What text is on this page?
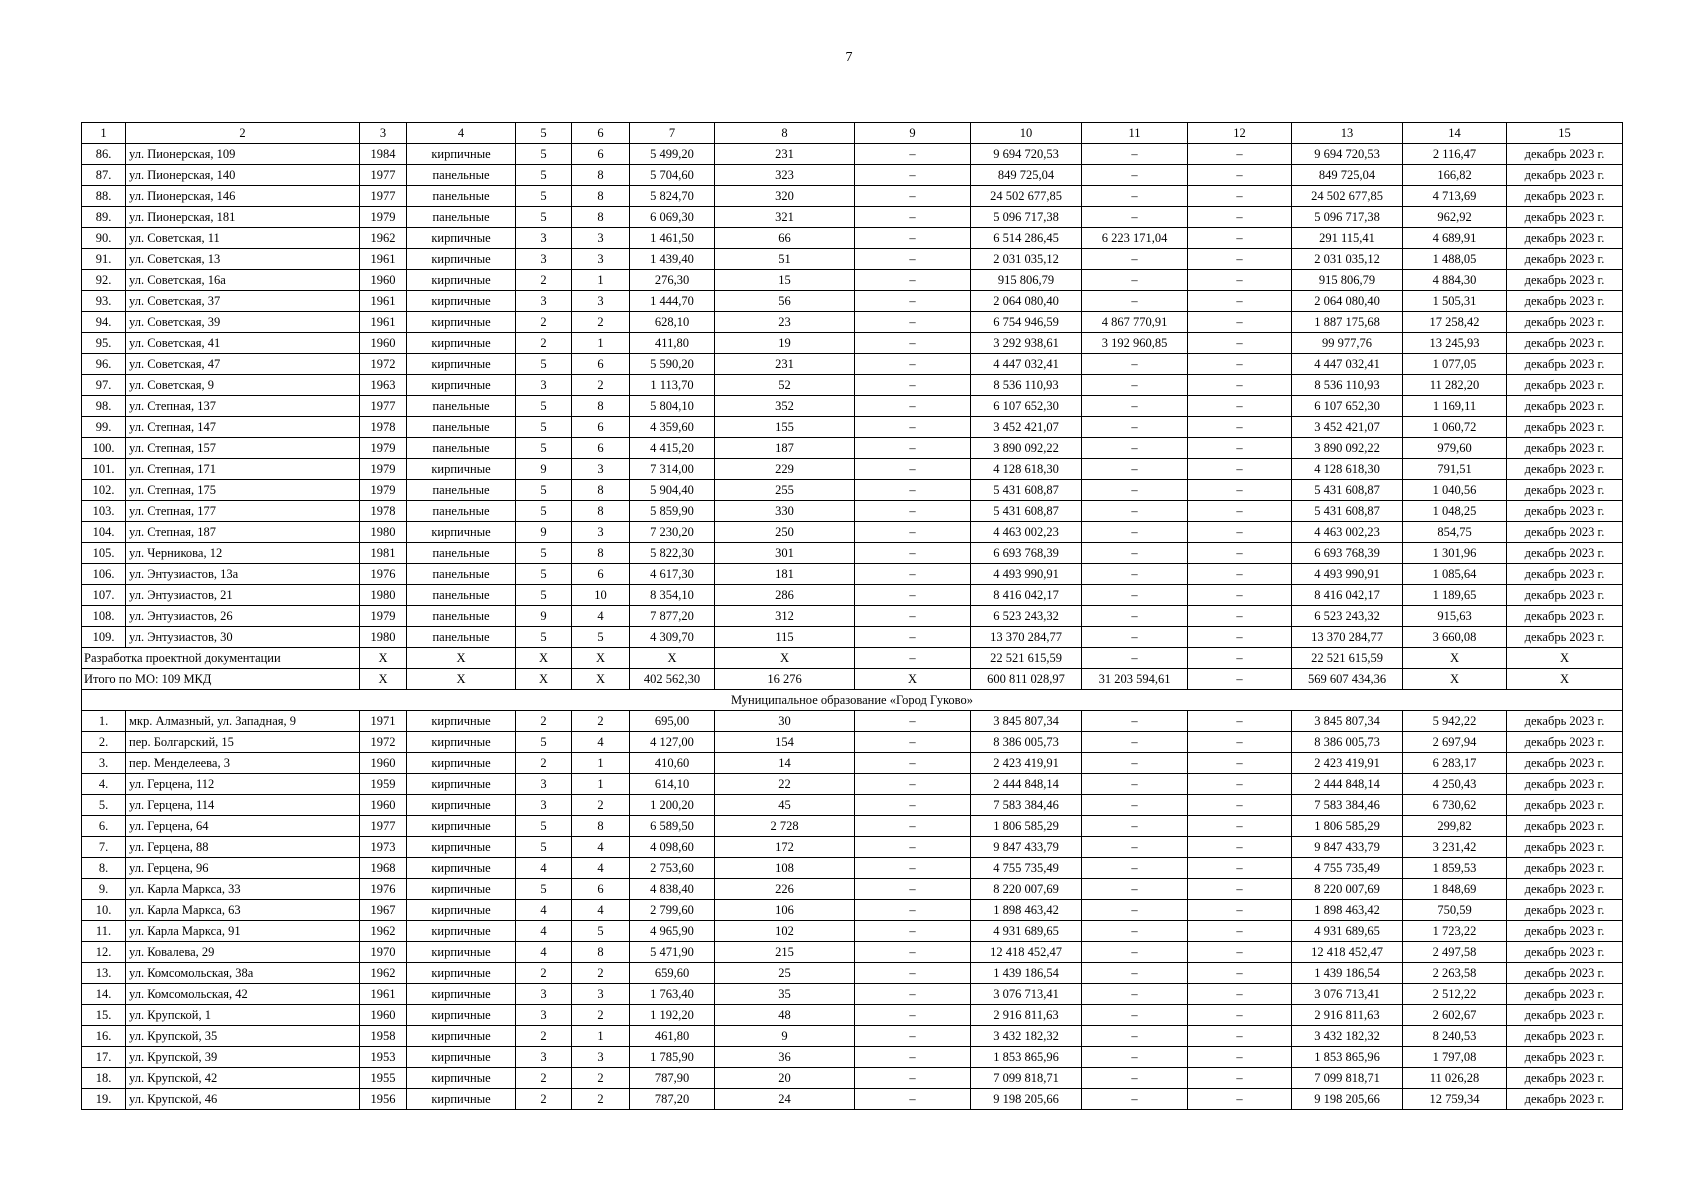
7
1	2	3	4	5	6	7	8	9	10	11	12	13	14	15
86.	ул. Пионерская, 109	1984	кирпичные	5	6	5 499,20	231	–	9 694 720,53	–	–	9 694 720,53	2 116,47	декабрь 2023 г.
87.	ул. Пионерская, 140	1977	панельные	5	8	5 704,60	323	–	849 725,04	–	–	849 725,04	166,82	декабрь 2023 г.
88.	ул. Пионерская, 146	1977	панельные	5	8	5 824,70	320	–	24 502 677,85	–	–	24 502 677,85	4 713,69	декабрь 2023 г.
89.	ул. Пионерская, 181	1979	панельные	5	8	6 069,30	321	–	5 096 717,38	–	–	5 096 717,38	962,92	декабрь 2023 г.
90.	ул. Советская, 11	1962	кирпичные	3	3	1 461,50	66	–	6 514 286,45	6 223 171,04	–	291 115,41	4 689,91	декабрь 2023 г.
91.	ул. Советская, 13	1961	кирпичные	3	3	1 439,40	51	–	2 031 035,12	–	–	2 031 035,12	1 488,05	декабрь 2023 г.
92.	ул. Советская, 16а	1960	кирпичные	2	1	276,30	15	–	915 806,79	–	–	915 806,79	4 884,30	декабрь 2023 г.
93.	ул. Советская, 37	1961	кирпичные	3	3	1 444,70	56	–	2 064 080,40	–	–	2 064 080,40	1 505,31	декабрь 2023 г.
94.	ул. Советская, 39	1961	кирпичные	2	2	628,10	23	–	6 754 946,59	4 867 770,91	–	1 887 175,68	17 258,42	декабрь 2023 г.
95.	ул. Советская, 41	1960	кирпичные	2	1	411,80	19	–	3 292 938,61	3 192 960,85	–	99 977,76	13 245,93	декабрь 2023 г.
96.	ул. Советская, 47	1972	кирпичные	5	6	5 590,20	231	–	4 447 032,41	–	–	4 447 032,41	1 077,05	декабрь 2023 г.
97.	ул. Советская, 9	1963	кирпичные	3	2	1 113,70	52	–	8 536 110,93	–	–	8 536 110,93	11 282,20	декабрь 2023 г.
98.	ул. Степная, 137	1977	панельные	5	8	5 804,10	352	–	6 107 652,30	–	–	6 107 652,30	1 169,11	декабрь 2023 г.
99.	ул. Степная, 147	1978	панельные	5	6	4 359,60	155	–	3 452 421,07	–	–	3 452 421,07	1 060,72	декабрь 2023 г.
100.	ул. Степная, 157	1979	панельные	5	6	4 415,20	187	–	3 890 092,22	–	–	3 890 092,22	979,60	декабрь 2023 г.
101.	ул. Степная, 171	1979	кирпичные	9	3	7 314,00	229	–	4 128 618,30	–	–	4 128 618,30	791,51	декабрь 2023 г.
102.	ул. Степная, 175	1979	панельные	5	8	5 904,40	255	–	5 431 608,87	–	–	5 431 608,87	1 040,56	декабрь 2023 г.
103.	ул. Степная, 177	1978	панельные	5	8	5 859,90	330	–	5 431 608,87	–	–	5 431 608,87	1 048,25	декабрь 2023 г.
104.	ул. Степная, 187	1980	кирпичные	9	3	7 230,20	250	–	4 463 002,23	–	–	4 463 002,23	854,75	декабрь 2023 г.
105.	ул. Черникова, 12	1981	панельные	5	8	5 822,30	301	–	6 693 768,39	–	–	6 693 768,39	1 301,96	декабрь 2023 г.
106.	ул. Энтузиастов, 13а	1976	панельные	5	6	4 617,30	181	–	4 493 990,91	–	–	4 493 990,91	1 085,64	декабрь 2023 г.
107.	ул. Энтузиастов, 21	1980	панельные	5	10	8 354,10	286	–	8 416 042,17	–	–	8 416 042,17	1 189,65	декабрь 2023 г.
108.	ул. Энтузиастов, 26	1979	панельные	9	4	7 877,20	312	–	6 523 243,32	–	–	6 523 243,32	915,63	декабрь 2023 г.
109.	ул. Энтузиастов, 30	1980	панельные	5	5	4 309,70	115	–	13 370 284,77	–	–	13 370 284,77	3 660,08	декабрь 2023 г.
Разработка проектной документации		X	X	X	X	X	X	–	22 521 615,59	–	–	22 521 615,59	X	X
Итого по МО: 109 МКД		X	X	X	X	402 562,30	16 276	X	600 811 028,97	31 203 594,61	–	569 607 434,36	X	X
Муниципальное образование «Город Гуково»														
1.	мкр. Алмазный, ул. Западная, 9	1971	кирпичные	2	2	695,00	30	–	3 845 807,34	–	–	3 845 807,34	5 942,22	декабрь 2023 г.
2.	пер. Болгарский, 15	1972	кирпичные	5	4	4 127,00	154	–	8 386 005,73	–	–	8 386 005,73	2 697,94	декабрь 2023 г.
3.	пер. Менделеева, 3	1960	кирпичные	2	1	410,60	14	–	2 423 419,91	–	–	2 423 419,91	6 283,17	декабрь 2023 г.
4.	ул. Герцена, 112	1959	кирпичные	3	1	614,10	22	–	2 444 848,14	–	–	2 444 848,14	4 250,43	декабрь 2023 г.
5.	ул. Герцена, 114	1960	кирпичные	3	2	1 200,20	45	–	7 583 384,46	–	–	7 583 384,46	6 730,62	декабрь 2023 г.
6.	ул. Герцена, 64	1977	кирпичные	5	8	6 589,50	2 728	–	1 806 585,29	–	–	1 806 585,29	299,82	декабрь 2023 г.
7.	ул. Герцена, 88	1973	кирпичные	5	4	4 098,60	172	–	9 847 433,79	–	–	9 847 433,79	3 231,42	декабрь 2023 г.
8.	ул. Герцена, 96	1968	кирпичные	4	4	2 753,60	108	–	4 755 735,49	–	–	4 755 735,49	1 859,53	декабрь 2023 г.
9.	ул. Карла Маркса, 33	1976	кирпичные	5	6	4 838,40	226	–	8 220 007,69	–	–	8 220 007,69	1 848,69	декабрь 2023 г.
10.	ул. Карла Маркса, 63	1967	кирпичные	4	4	2 799,60	106	–	1 898 463,42	–	–	1 898 463,42	750,59	декабрь 2023 г.
11.	ул. Карла Маркса, 91	1962	кирпичные	4	5	4 965,90	102	–	4 931 689,65	–	–	4 931 689,65	1 723,22	декабрь 2023 г.
12.	ул. Ковалева, 29	1970	кирпичные	4	8	5 471,90	215	–	12 418 452,47	–	–	12 418 452,47	2 497,58	декабрь 2023 г.
13.	ул. Комсомольская, 38а	1962	кирпичные	2	2	659,60	25	–	1 439 186,54	–	–	1 439 186,54	2 263,58	декабрь 2023 г.
14.	ул. Комсомольская, 42	1961	кирпичные	3	3	1 763,40	35	–	3 076 713,41	–	–	3 076 713,41	2 512,22	декабрь 2023 г.
15.	ул. Крупской, 1	1960	кирпичные	3	2	1 192,20	48	–	2 916 811,63	–	–	2 916 811,63	2 602,67	декабрь 2023 г.
16.	ул. Крупской, 35	1958	кирпичные	2	1	461,80	9	–	3 432 182,32	–	–	3 432 182,32	8 240,53	декабрь 2023 г.
17.	ул. Крупской, 39	1953	кирпичные	3	3	1 785,90	36	–	1 853 865,96	–	–	1 853 865,96	1 797,08	декабрь 2023 г.
18.	ул. Крупской, 42	1955	кирпичные	2	2	787,90	20	–	7 099 818,71	–	–	7 099 818,71	11 026,28	декабрь 2023 г.
19.	ул. Крупской, 46	1956	кирпичные	2	2	787,20	24	–	9 198 205,66	–	–	9 198 205,66	12 759,34	декабрь 2023 г.
